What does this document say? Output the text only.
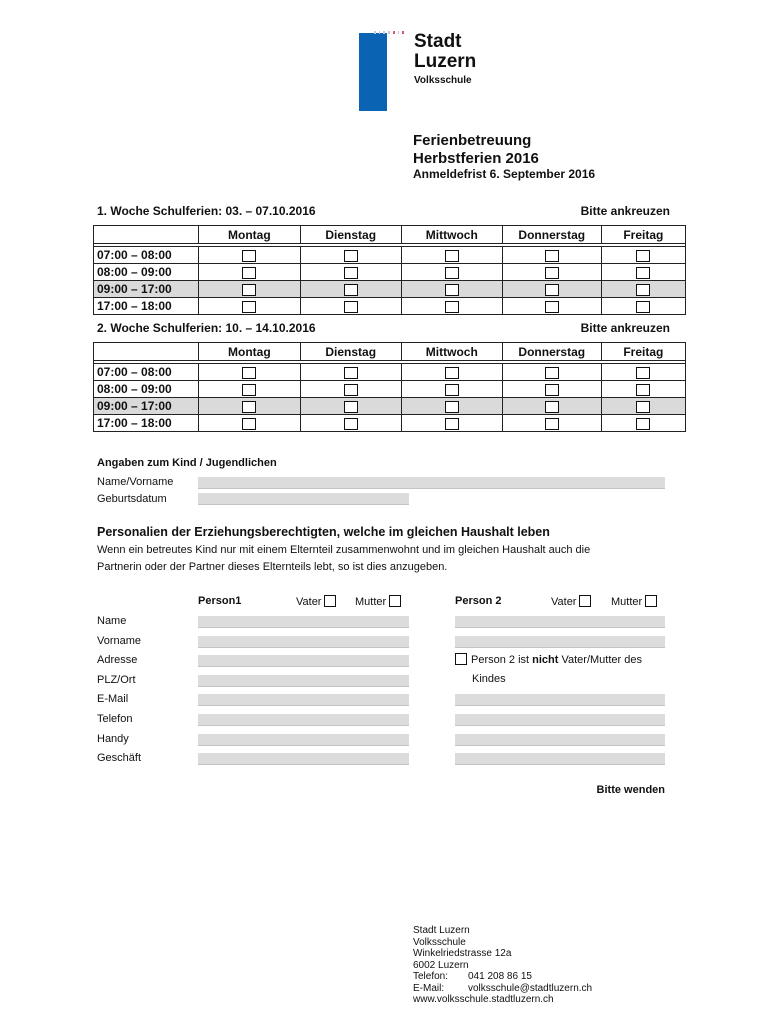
Stadt
Luzern
Volksschule
Ferienbetreuung
Herbstferien 2016
Anmeldefrist 6. September 2016
1. Woche Schulferien: 03. – 07.10.2016	Bitte ankreuzen
	Montag	Dienstag	Mittwoch	Donnerstag	Freitag

07:00 – 08:00					
08:00 – 09:00					
09:00 – 17:00					
17:00 – 18:00					
2. Woche Schulferien: 10. – 14.10.2016	Bitte ankreuzen
	Montag	Dienstag	Mittwoch	Donnerstag	Freitag

07:00 – 08:00					
08:00 – 09:00					
09:00 – 17:00					
17:00 – 18:00					
Angaben zum Kind / Jugendlichen
Name/Vorname
Geburtsdatum
Personalien der Erziehungsberechtigten, welche im gleichen Haushalt leben
Wenn ein betreutes Kind nur mit einem Elternteil zusammenwohnt und im gleichen Haushalt auch die
Partnerin oder der Partner dieses Elternteils lebt, so ist dies anzugeben.
Person1	Vater	Mutter	Person 2	Vater	Mutter
Name
Vorname
Adresse
PLZ/Ort
E-Mail
Telefon
Handy
Geschäft
Person 2 ist nicht Vater/Mutter des
Kindes
Bitte wenden
Stadt Luzern
Volksschule
Winkelriedstrasse 12a
6002 Luzern
Telefon:	041 208 86 15
E-Mail:	volksschule@stadtluzern.ch
www.volksschule.stadtluzern.ch
